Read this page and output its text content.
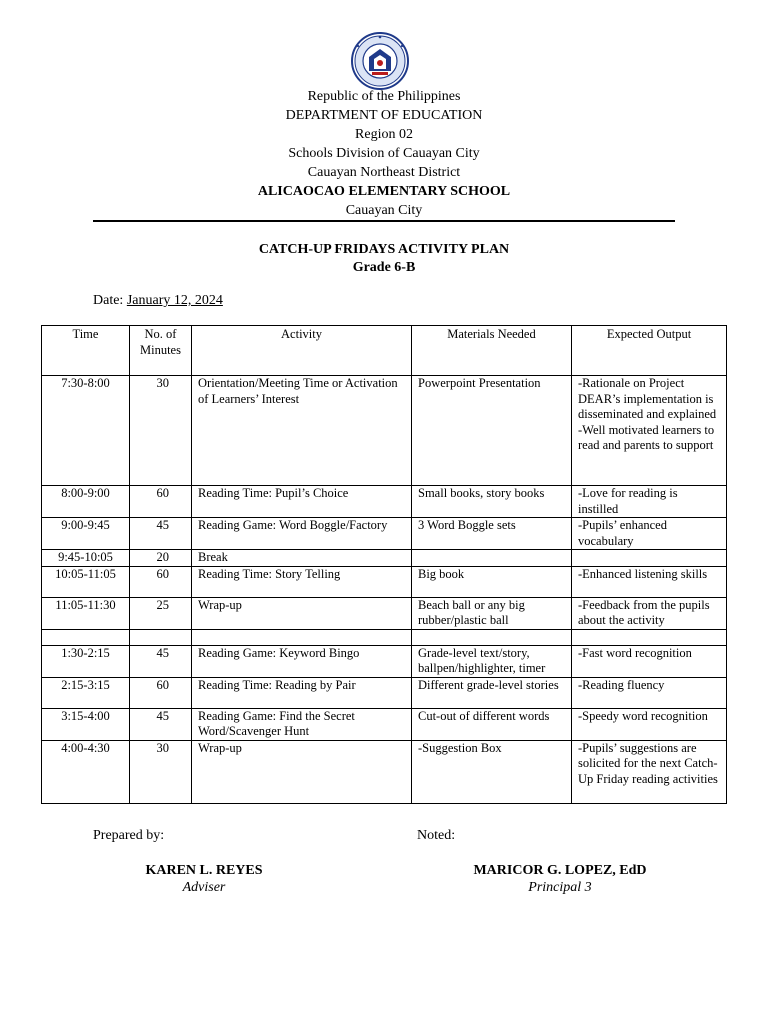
Republic of the Philippines
DEPARTMENT OF EDUCATION
Region 02
Schools Division of Cauayan City
Cauayan Northeast District
ALICAOCAO ELEMENTARY SCHOOL
Cauayan City
CATCH-UP FRIDAYS ACTIVITY PLAN
Grade 6-B
Date: January 12, 2024
Time	No. of Minutes	Activity	Materials Needed	Expected Output
7:30-8:00	30	Orientation/Meeting Time or Activation of Learners’ Interest	Powerpoint Presentation	-Rationale on Project DEAR’s implementation is disseminated and explained
-Well motivated learners to read and parents to support
8:00-9:00	60	Reading Time: Pupil’s Choice	Small books, story books	-Love for reading is instilled
9:00-9:45	45	Reading Game: Word Boggle/Factory	3 Word Boggle sets	-Pupils’ enhanced vocabulary
9:45-10:05	20	Break		
10:05-11:05	60	Reading Time: Story Telling	Big book	-Enhanced listening skills
11:05-11:30	25	Wrap-up	Beach ball or any big rubber/plastic ball	-Feedback from the pupils about the activity

1:30-2:15	45	Reading Game: Keyword Bingo	Grade-level text/story, ballpen/highlighter, timer	-Fast word recognition
2:15-3:15	60	Reading Time: Reading by Pair	Different grade-level stories	-Reading fluency
3:15-4:00	45	Reading Game: Find the Secret Word/Scavenger Hunt	Cut-out of different words	-Speedy word recognition
4:00-4:30	30	Wrap-up	-Suggestion Box	-Pupils’ suggestions are solicited for the next Catch-Up Friday reading activities
Prepared by:	Noted:
KAREN L. REYES
Adviser
MARICOR G. LOPEZ, EdD
Principal 3
